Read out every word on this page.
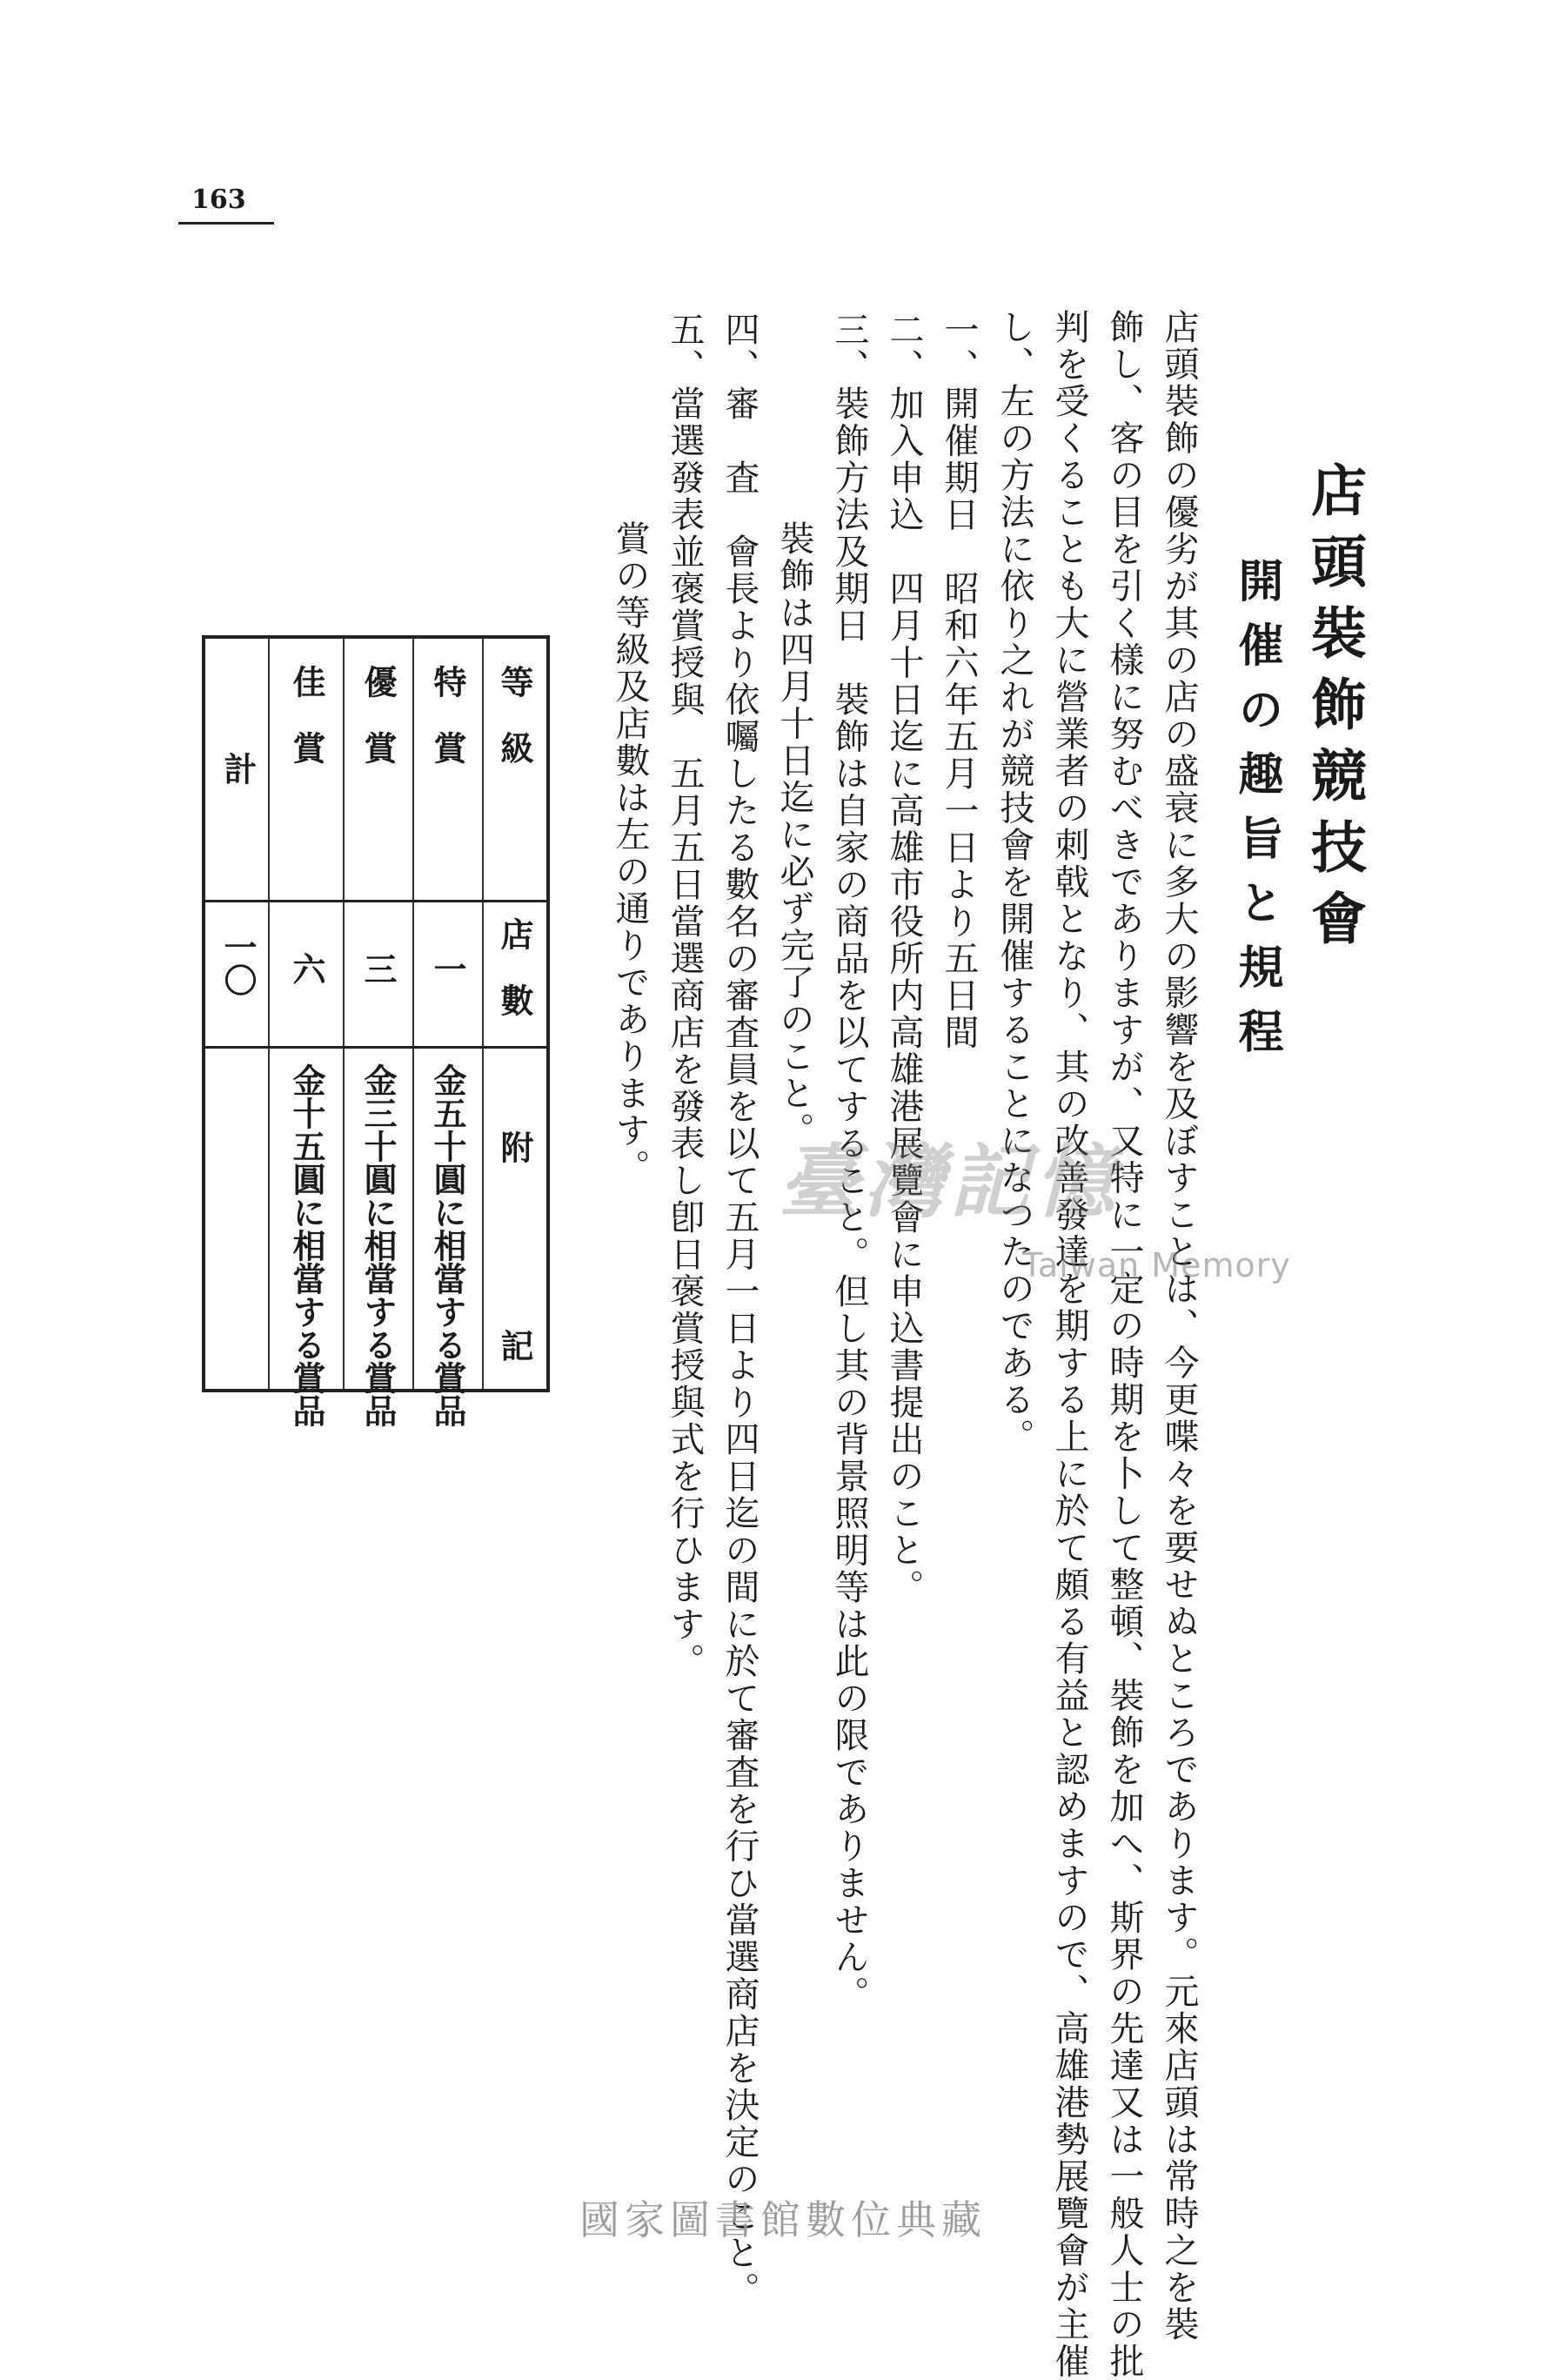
163
店頭裝飾競技會
開催の趣旨と規程
店頭裝飾の優劣が其の店の盛衰に多大の影響を及ぼすことは、今更喋々を要せぬところであります。元來店頭は常時之を裝
飾し、客の目を引く樣に努むべきでありますが、又特に一定の時期を卜して整頓、裝飾を加へ、斯界の先達又は一般人士の批
判を受くることも大に營業者の刺戟となり、其の改善發達を期する上に於て頗る有益と認めますので、高雄港勢展覽會が主催
し、左の方法に依り之れが競技會を開催することになつたのである。
一、開催期日　昭和六年五月一日より五日間
二、加入申込　四月十日迄に高雄市役所内高雄港展覽會に申込書提出のこと。
三、裝飾方法及期日　裝飾は自家の商品を以てすること。但し其の背景照明等は此の限でありません。
裝飾は四月十日迄に必ず完了のこと。
四、審　査　會長より依囑したる數名の審査員を以て五月一日より四日迄の間に於て審査を行ひ當選商店を決定のこと。
五、當選發表並褒賞授與　五月五日當選商店を發表し卽日褒賞授與式を行ひます。
賞の等級及店數は左の通りであります。
等　級
店　數
附　　　　　記
特　賞
一
金五十圓に相當する賞品
優　賞
三
金三十圓に相當する賞品
佳　賞
六
金十五圓に相當する賞品
計
一〇
臺灣記憶
Taiwan Memory
國家圖書館數位典藏
